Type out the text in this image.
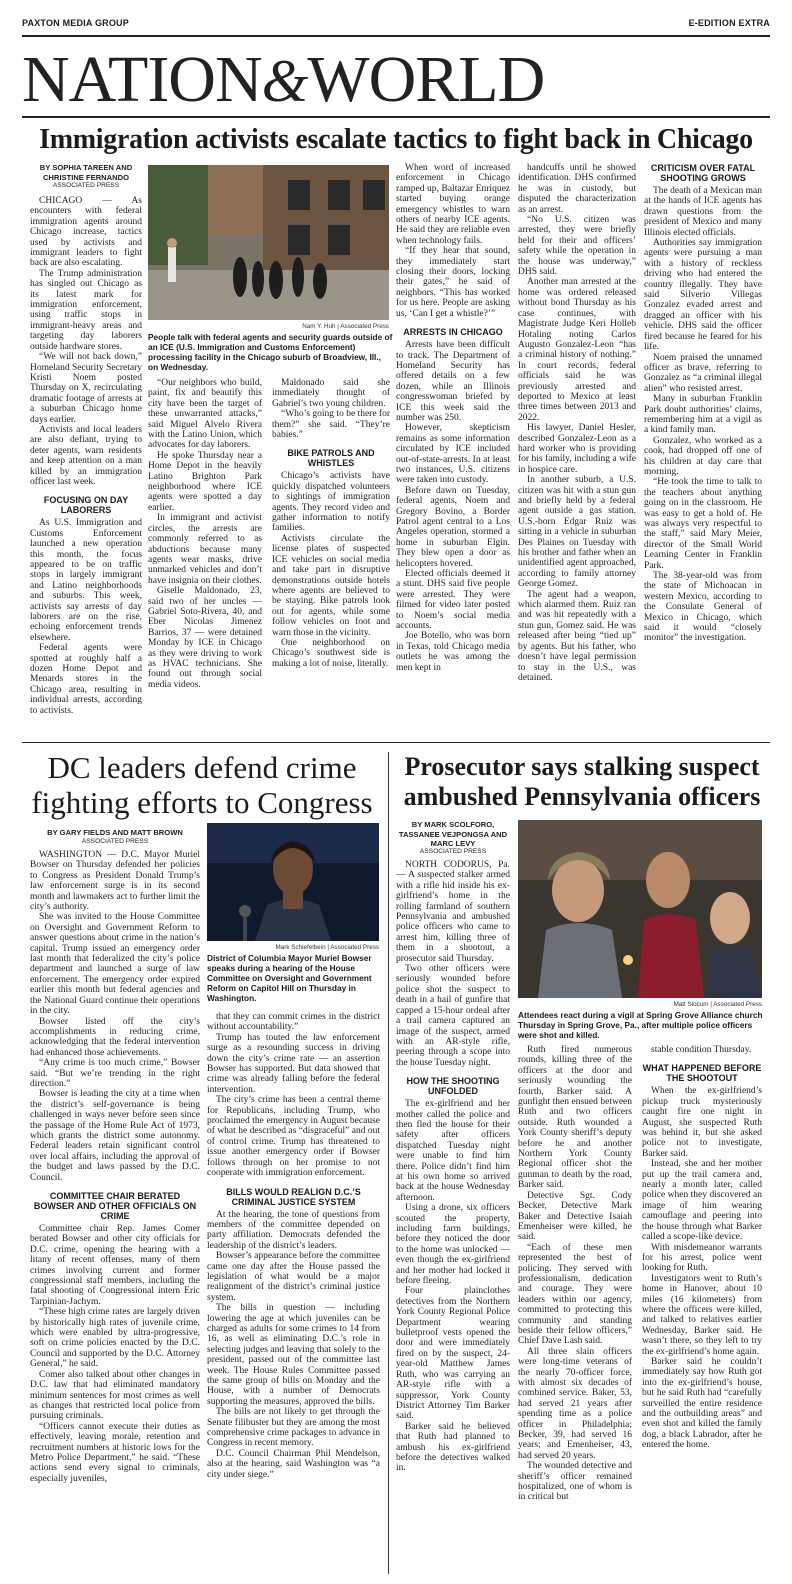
PAXTON MEDIA GROUP	E-EDITION EXTRA
NATION&WORLD
Immigration activists escalate tactics to fight back in Chicago
BY SOPHIA TAREEN AND
CHRISTINE FERNANDO
ASSOCIATED PRESS

CHICAGO — As encounters with federal immigration agents around Chicago increase, tactics used by activists and immigrant leaders to fight back are also escalating.

The Trump administration has singled out Chicago as its latest mark for immigration enforcement, using traffic stops in immigrant-heavy areas and targeting day laborers outside hardware stores.

“We will not back down,” Homeland Security Secretary Kristi Noem posted Thursday on X, recirculating dramatic footage of arrests at a suburban Chicago home days earlier.

Activists and local leaders are also defiant, trying to deter agents, warn residents and keep attention on a man killed by an immigration officer last week.

FOCUSING ON DAY LABORERS

As U.S. Immigration and Customs Enforcement launched a new operation this month, the focus appeared to be on traffic stops in largely immigrant and Latino neighborhoods and suburbs. This week, activists say arrests of day laborers are on the rise, echoing enforcement trends elsewhere.

Federal agents were spotted at roughly half a dozen Home Depot and Menards stores in the Chicago area, resulting in individual arrests, according to activists.

Nam Y. Huh | Associated Press
People talk with federal agents and security guards outside of an ICE (U.S. Immigration and Customs Enforcement) processing facility in the Chicago suburb of Broadview, Ill., on Wednesday.

“Our neighbors who build, paint, fix and beautify this city have been the target of these unwarranted attacks,” said Miguel Alvelo Rivera with the Latino Union, which advocates for day laborers.

He spoke Thursday near a Home Depot in the heavily Latino Brighton Park neighborhood where ICE agents were spotted a day earlier.

In immigrant and activist circles, the arrests are commonly referred to as abductions because many agents wear masks, drive unmarked vehicles and don’t have insignia on their clothes.

Giselle Maldonado, 23, said two of her uncles — Gabriel Soto-Rivera, 40, and Eber Nicolas Jimenez Barrios, 37 — were detained Monday by ICE in Chicago as they were driving to work as HVAC technicians. She found out through social media videos.

Maldonado said she immediately thought of Gabriel’s two young children.

“Who’s going to be there for them?” she said. “They’re babies.”

BIKE PATROLS AND WHISTLES

Chicago’s activists have quickly dispatched volunteers to sightings of immigration agents. They record video and gather information to notify families.

Activists circulate the license plates of suspected ICE vehicles on social media and take part in disruptive demonstrations outside hotels where agents are believed to be staying. Bike patrols look out for agents, while some follow vehicles on foot and warn those in the vicinity.

One neighborhood on Chicago’s southwest side is making a lot of noise, literally.

When word of increased enforcement in Chicago ramped up, Baltazar Enriquez started buying orange emergency whistles to warn others of nearby ICE agents. He said they are reliable even when technology fails.

“If they hear that sound, they immediately start closing their doors, locking their gates,” he said of neighbors. “This has worked for us here. People are asking us, ‘Can I get a whistle?’”

ARRESTS IN CHICAGO

Arrests have been difficult to track. The Department of Homeland Security has offered details on a few dozen, while an Illinois congresswoman briefed by ICE this week said the number was 250.

However, skepticism remains as some information circulated by ICE included out-of-state-arrests. In at least two instances, U.S. citizens were taken into custody.

Before dawn on Tuesday, federal agents, Noem and Gregory Bovino, a Border Patrol agent central to a Los Angeles operation, stormed a home in suburban Elgin. They blew open a door as helicopters hovered.

Elected officials deemed it a stunt. DHS said five people were arrested. They were filmed for video later posted to Noem’s social media accounts.

Joe Botello, who was born in Texas, told Chicago media outlets he was among the men kept in

handcuffs until he showed identification. DHS confirmed he was in custody, but disputed the characterization as an arrest.

“No U.S. citizen was arrested, they were briefly held for their and officers’ safety while the operation in the house was underway,” DHS said.

Another man arrested at the home was ordered released without bond Thursday as his case continues, with Magistrate Judge Keri Holleb Hotaling noting Carlos Augusto Gonzalez-Leon “has a criminal history of nothing.” In court records, federal officials said he was previously arrested and deported to Mexico at least three times between 2013 and 2022.

His lawyer, Daniel Hesler, described Gonzalez-Leon as a hard worker who is providing for his family, including a wife in hospice care.

In another suburb, a U.S. citizen was hit with a stun gun and briefly held by a federal agent outside a gas station. U.S.-born Edgar Ruiz was sitting in a vehicle in suburban Des Plaines on Tuesday with his brother and father when an unidentified agent approached, according to family attorney George Gomez.

The agent had a weapon, which alarmed them. Ruiz ran and was hit repeatedly with a stun gun, Gomez said. He was released after being “tied up” by agents. But his father, who doesn’t have legal permission to stay in the U.S., was detained.

CRITICISM OVER FATAL SHOOTING GROWS

The death of a Mexican man at the hands of ICE agents has drawn questions from the president of Mexico and many Illinois elected officials.

Authorities say immigration agents were pursuing a man with a history of reckless driving who had entered the country illegally. They have said Silverio Villegas Gonzalez evaded arrest and dragged an officer with his vehicle. DHS said the officer fired because he feared for his life.

Noem praised the unnamed officer as brave, referring to Gonzalez as “a criminal illegal alien” who resisted arrest.

Many in suburban Franklin Park doubt authorities’ claims, remembering him at a vigil as a kind family man.

Gonzalez, who worked as a cook, had dropped off one of his children at day care that morning.

“He took the time to talk to the teachers about anything going on in the classroom. He was easy to get a hold of. He was always very respectful to the staff,” said Mary Meier, director of the Small World Learning Center in Franklin Park.

The 38-year-old was from the state of Michoacan in western Mexico, according to the Consulate General of Mexico in Chicago, which said it would “closely monitor” the investigation.

DC leaders defend crime
fighting efforts to Congress
BY GARY FIELDS AND MATT BROWN
ASSOCIATED PRESS

WASHINGTON — D.C. Mayor Muriel Bowser on Thursday defended her policies to Congress as President Donald Trump’s law enforcement surge is in its second month and lawmakers act to further limit the city’s authority.

She was invited to the House Committee on Oversight and Government Reform to answer questions about crime in the nation’s capital. Trump issued an emergency order last month that federalized the city’s police department and launched a surge of law enforcement. The emergency order expired earlier this month but federal agencies and the National Guard continue their operations in the city.

Bowser listed off the city’s accomplishments in reducing crime, acknowledging that the federal intervention had enhanced those achievements.

“Any crime is too much crime,” Bowser said. “But we’re trending in the right direction.”

Bowser is leading the city at a time when the district’s self-governance is being challenged in ways never before seen since the passage of the Home Rule Act of 1973, which grants the district some autonomy. Federal leaders retain significant control over local affairs, including the approval of the budget and laws passed by the D.C. Council.

COMMITTEE CHAIR BERATED BOWSER AND OTHER OFFICIALS ON CRIME

Committee chair Rep. James Comer berated Bowser and other city officials for D.C. crime, opening the hearing with a litany of recent offenses, many of them crimes involving current and former congressional staff members, including the fatal shooting of Congressional intern Eric Tarpinian-Jachym.

“These high crime rates are largely driven by historically high rates of juvenile crime, which were enabled by ultra-progressive, soft on crime policies enacted by the D.C. Council and supported by the D.C. Attorney General,” he said.

Comer also talked about other changes in D.C. law that had eliminated mandatory minimum sentences for most crimes as well as changes that restricted local police from pursuing criminals.

“Officers cannot execute their duties as effectively, leaving morale, retention and recruitment numbers at historic lows for the Metro Police Department,” he said. “These actions send every signal to criminals, especially juveniles,

Mark Schiefelbein | Associated Press
District of Columbia Mayor Muriel Bowser speaks during a hearing of the House Committee on Oversight and Government Reform on Capitol Hill on Thursday in Washington.

that they can commit crimes in the district without accountability.”

Trump has touted the law enforcement surge as a resounding success in driving down the city’s crime rate — an assertion Bowser has supported. But data showed that crime was already falling before the federal intervention.

The city’s crime has been a central theme for Republicans, including Trump, who proclaimed the emergency in August because of what he described as “disgraceful” and out of control crime. Trump has threatened to issue another emergency order if Bowser follows through on her promise to not cooperate with immigration enforcement.

BILLS WOULD REALIGN D.C.’S CRIMINAL JUSTICE SYSTEM

At the hearing, the tone of questions from members of the committee depended on party affiliation. Democrats defended the leadership of the district’s leaders.

Bowser’s appearance before the committee came one day after the House passed the legislation of what would be a major realignment of the district’s criminal justice system.

The bills in question — including lowering the age at which juveniles can be charged as adults for some crimes to 14 from 16, as well as eliminating D.C.’s role in selecting judges and leaving that solely to the president, passed out of the committee last week. The House Rules Committee passed the same group of bills on Monday and the House, with a number of Democrats supporting the measures, approved the bills.

The bills are not likely to get through the Senate filibuster but they are among the most comprehensive crime packages to advance in Congress in recent memory.

D.C. Council Chairman Phil Mendelson, also at the hearing, said Washington was “a city under siege.”

Prosecutor says stalking suspect
ambushed Pennsylvania officers
BY MARK SCOLFORO,
TASSANEE VEJPONGSA AND
MARC LEVY
ASSOCIATED PRESS

NORTH CODORUS, Pa. — A suspected stalker armed with a rifle hid inside his ex-girlfriend’s home in the rolling farmland of southern Pennsylvania and ambushed police officers who came to arrest him, killing three of them in a shootout, a prosecutor said Thursday.

Two other officers were seriously wounded before police shot the suspect to death in a hail of gunfire that capped a 15-hour ordeal after a trail camera captured an image of the suspect, armed with an AR-style rifle, peering through a scope into the house Tuesday night.

HOW THE SHOOTING UNFOLDED

The ex-girlfriend and her mother called the police and then fled the house for their safety after officers dispatched Tuesday night were unable to find him there. Police didn’t find him at his own home so arrived back at the house Wednesday afternoon.

Using a drone, six officers scouted the property, including farm buildings, before they noticed the door to the home was unlocked — even though the ex-girlfriend and her mother had locked it before fleeing.

Four plainclothes detectives from the Northern York County Regional Police Department wearing bulletproof vests opened the door and were immediately fired on by the suspect, 24-year-old Matthew James Ruth, who was carrying an AR-style rifle with a suppressor, York County District Attorney Tim Barker said.

Barker said he believed that Ruth had planned to ambush his ex-girlfriend before the detectives walked in.

Matt Slocum | Associated Press
Attendees react during a vigil at Spring Grove Alliance church Thursday in Spring Grove, Pa., after multiple police officers were shot and killed.

Ruth fired numerous rounds, killing three of the officers at the door and seriously wounding the fourth, Barker said. A gunfight then ensued between Ruth and two officers outside. Ruth wounded a York County sheriff’s deputy before he and another Northern York County Regional officer shot the gunman to death by the road, Barker said.

Detective Sgt. Cody Becker, Detective Mark Baker and Detective Isaiah Emenheiser were killed, he said.

“Each of these men represented the best of policing. They served with professionalism, dedication and courage. They were leaders within our agency, committed to protecting this community and standing beside their fellow officers,” Chief Dave Lash said.

All three slain officers were long-time veterans of the nearly 70-officer force, with almost six decades of combined service. Baker, 53, had served 21 years after spending time as a police officer in Philadelphia; Becker, 39, had served 16 years; and Emenheiser, 43, had served 20 years.

The wounded detective and sheriff’s officer remained hospitalized, one of whom is in critical but

stable condition Thursday.

WHAT HAPPENED BEFORE THE SHOOTOUT

When the ex-girlfriend’s pickup truck mysteriously caught fire one night in August, she suspected Ruth was behind it, but she asked police not to investigate, Barker said.

Instead, she and her mother put up the trail camera and, nearly a month later, called police when they discovered an image of him wearing camouflage and peering into the house through what Barker called a scope-like device.

With misdemeanor warrants for his arrest, police went looking for Ruth.

Investigators went to Ruth’s home in Hanover, about 10 miles (16 kilometers) from where the officers were killed, and talked to relatives earlier Wednesday, Barker said. He wasn’t there, so they left to try the ex-girlfriend’s home again.

Barker said he couldn’t immediately say how Ruth got into the ex-girlfriend’s house, but he said Ruth had “carefully surveilled the entire residence and the outbuilding areas” and even shot and killed the family dog, a black Labrador, after he entered the home.
